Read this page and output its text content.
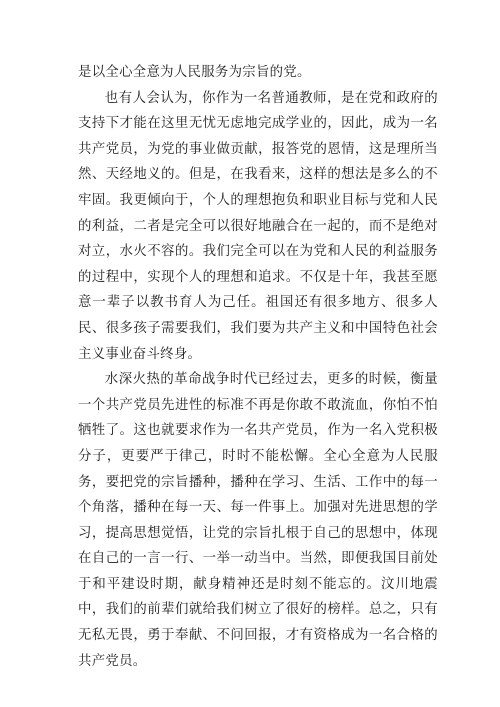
是以全心全意为人民服务为宗旨的党。

也有人会认为，你作为一名普通教师，是在党和政府的支持下才能在这里无忧无虑地完成学业的，因此，成为一名共产党员，为党的事业做贡献，报答党的恩情，这是理所当然、天经地义的。但是，在我看来，这样的想法是多么的不牢固。我更倾向于，个人的理想抱负和职业目标与党和人民的利益，二者是完全可以很好地融合在一起的，而不是绝对对立，水火不容的。我们完全可以在为党和人民的利益服务的过程中，实现个人的理想和追求。不仅是十年，我甚至愿意一辈子以教书育人为己任。祖国还有很多地方、很多人民、很多孩子需要我们，我们要为共产主义和中国特色社会主义事业奋斗终身。

水深火热的革命战争时代已经过去，更多的时候，衡量一个共产党员先进性的标准不再是你敢不敢流血，你怕不怕牺牲了。这也就要求作为一名共产党员，作为一名入党积极分子，更要严于律己，时时不能松懈。全心全意为人民服务，要把党的宗旨播种，播种在学习、生活、工作中的每一个角落，播种在每一天、每一件事上。加强对先进思想的学习，提高思想觉悟，让党的宗旨扎根于自己的思想中，体现在自己的一言一行、一举一动当中。当然，即便我国目前处于和平建设时期，献身精神还是时刻不能忘的。汶川地震中，我们的前辈们就给我们树立了很好的榜样。总之，只有无私无畏，勇于奉献、不问回报，才有资格成为一名合格的共产党员。
